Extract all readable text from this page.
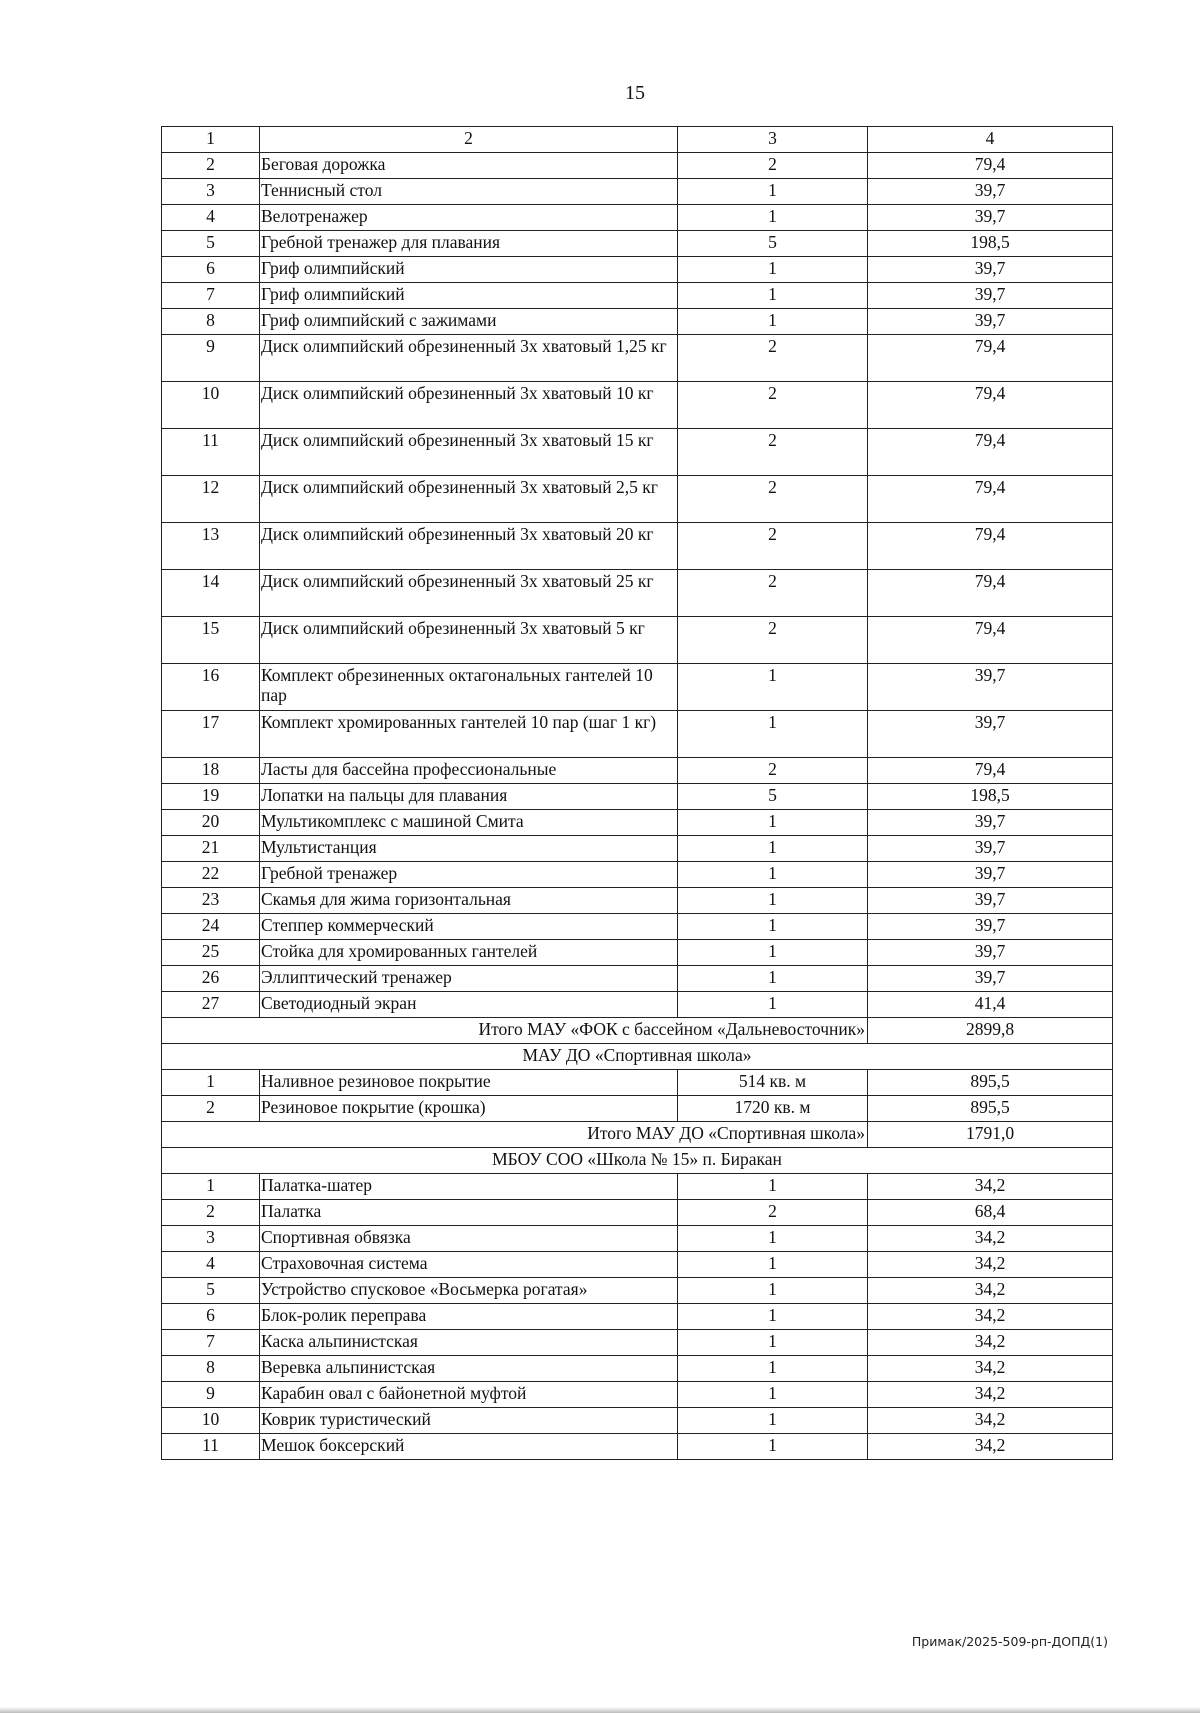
15
1	2	3	4
2	Беговая дорожка	2	79,4
3	Теннисный стол	1	39,7
4	Велотренажер	1	39,7
5	Гребной тренажер для плавания	5	198,5
6	Гриф олимпийский	1	39,7
7	Гриф олимпийский	1	39,7
8	Гриф олимпийский с зажимами	1	39,7
9	Диск олимпийский обрезиненный 3х хватовый 1,25 кг	2	79,4
10	Диск олимпийский обрезиненный 3х хватовый 10 кг	2	79,4
11	Диск олимпийский обрезиненный 3х хватовый 15 кг	2	79,4
12	Диск олимпийский обрезиненный 3х хватовый 2,5 кг	2	79,4
13	Диск олимпийский обрезиненный 3х хватовый 20 кг	2	79,4
14	Диск олимпийский обрезиненный 3х хватовый 25 кг	2	79,4
15	Диск олимпийский обрезиненный 3х хватовый 5 кг	2	79,4
16	Комплект обрезиненных октагональных гантелей 10 пар	1	39,7
17	Комплект хромированных гантелей 10 пар (шаг 1 кг)	1	39,7
18	Ласты для бассейна профессиональные	2	79,4
19	Лопатки на пальцы для плавания	5	198,5
20	Мультикомплекс с машиной Смита	1	39,7
21	Мультистанция	1	39,7
22	Гребной тренажер	1	39,7
23	Скамья для жима горизонтальная	1	39,7
24	Степпер коммерческий	1	39,7
25	Стойка для хромированных гантелей	1	39,7
26	Эллиптический тренажер	1	39,7
27	Светодиодный экран	1	41,4
Итого МАУ «ФОК с бассейном «Дальневосточник»			2899,8
МАУ ДО «Спортивная школа»			
1	Наливное резиновое покрытие	514 кв. м	895,5
2	Резиновое покрытие (крошка)	1720 кв. м	895,5
Итого МАУ ДО «Спортивная школа»			1791,0
МБОУ СОО «Школа № 15» п. Биракан			
1	Палатка-шатер	1	34,2
2	Палатка	2	68,4
3	Спортивная обвязка	1	34,2
4	Страховочная система	1	34,2
5	Устройство спусковое «Восьмерка рогатая»	1	34,2
6	Блок-ролик переправа	1	34,2
7	Каска альпинистская	1	34,2
8	Веревка альпинистская	1	34,2
9	Карабин овал с байонетной муфтой	1	34,2
10	Коврик туристический	1	34,2
11	Мешок боксерский	1	34,2
Примак/2025-509-рп-ДОПД(1)
